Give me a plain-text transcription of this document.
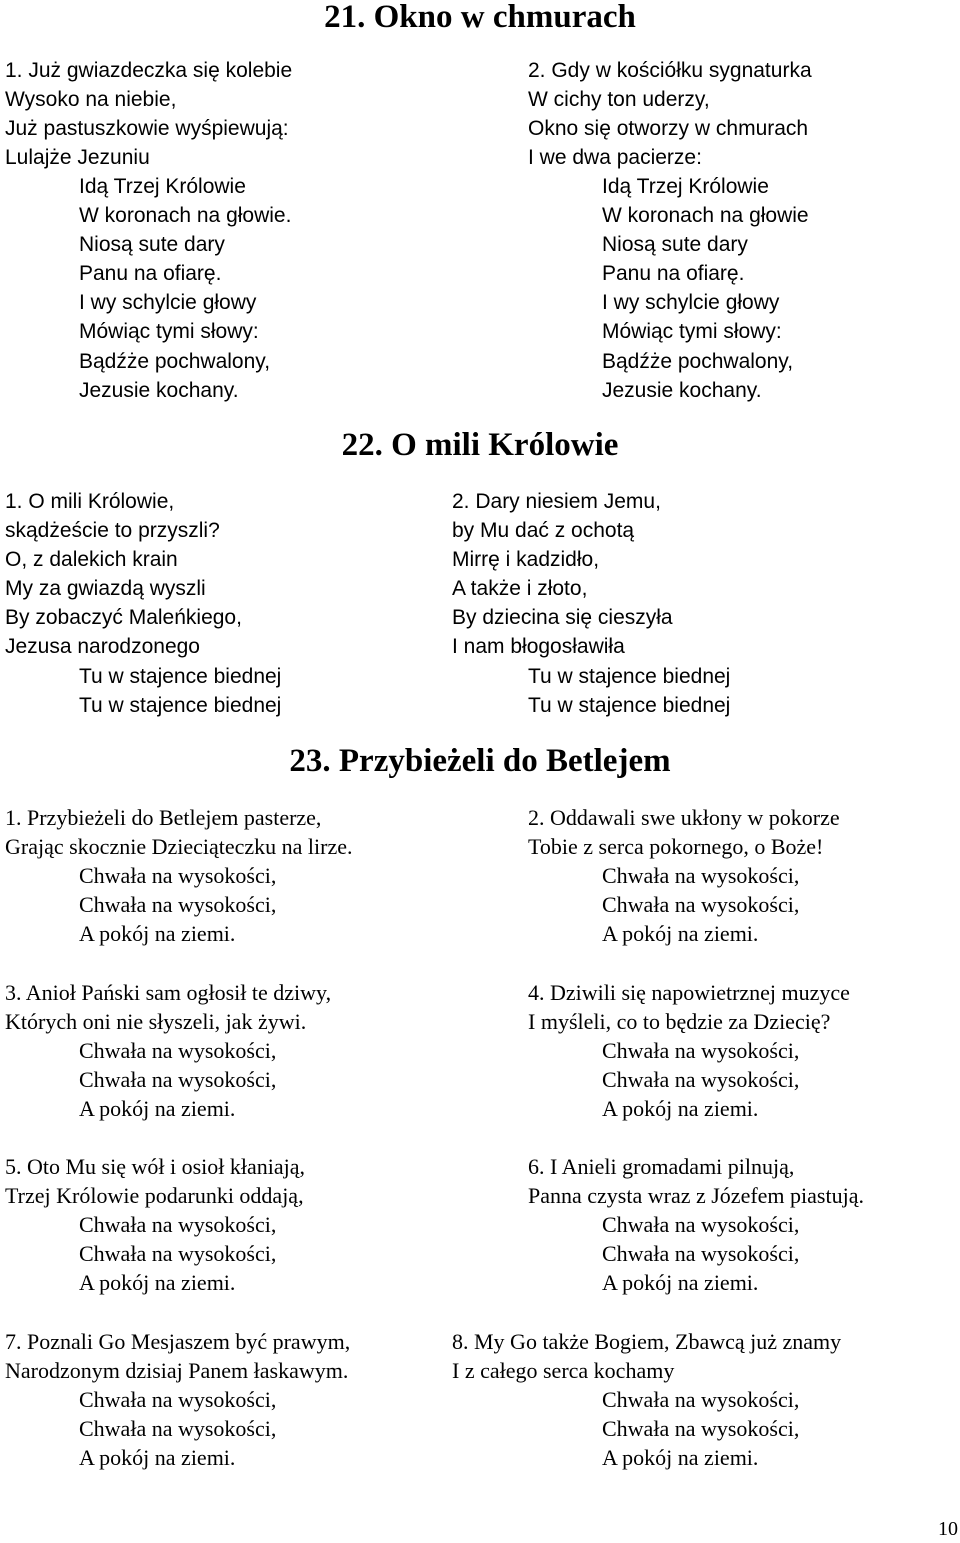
21. Okno w chmurach
1. Już gwiazdeczka się kolebie
Wysoko na niebie,
Już pastuszkowie wyśpiewują:
Lulajże Jezuniu
Idą Trzej Królowie
W koronach na głowie.
Niosą sute dary
Panu na ofiarę.
I wy schylcie głowy
Mówiąc tymi słowy:
Bądźże pochwalony,
Jezusie kochany.
2. Gdy w kościółku sygnaturka
W cichy ton uderzy,
Okno się otworzy w chmurach
I we dwa pacierze:
Idą Trzej Królowie
W koronach na głowie
Niosą sute dary
Panu na ofiarę.
I wy schylcie głowy
Mówiąc tymi słowy:
Bądźże pochwalony,
Jezusie kochany.
22. O mili Królowie
1. O mili Królowie,
skądżeście to przyszli?
O, z dalekich krain
My za gwiazdą wyszli
By zobaczyć Maleńkiego,
Jezusa narodzonego
Tu w stajence biednej
Tu w stajence biednej
2. Dary niesiem Jemu,
by Mu dać z ochotą
Mirrę i kadzidło,
A także i złoto,
By dziecina się cieszyła
I nam błogosławiła
Tu w stajence biednej
Tu w stajence biednej
23. Przybieżeli do Betlejem
1. Przybieżeli do Betlejem pasterze,
Grając skocznie Dzieciąteczku na lirze.
Chwała na wysokości,
Chwała na wysokości,
A pokój na ziemi.
2. Oddawali swe ukłony w pokorze
Tobie z serca pokornego, o Boże!
Chwała na wysokości,
Chwała na wysokości,
A pokój na ziemi.
3. Anioł Pański sam ogłosił te dziwy,
Których oni nie słyszeli, jak żywi.
Chwała na wysokości,
Chwała na wysokości,
A pokój na ziemi.
4. Dziwili się napowietrznej muzyce
I myśleli, co to będzie za Dziecię?
Chwała na wysokości,
Chwała na wysokości,
A pokój na ziemi.
5. Oto Mu się wół i osioł kłaniają,
Trzej Królowie podarunki oddają,
Chwała na wysokości,
Chwała na wysokości,
A pokój na ziemi.
6. I Anieli gromadami pilnują,
Panna czysta wraz z Józefem piastują.
Chwała na wysokości,
Chwała na wysokości,
A pokój na ziemi.
7. Poznali Go Mesjaszem być prawym,
Narodzonym dzisiaj Panem łaskawym.
Chwała na wysokości,
Chwała na wysokości,
A pokój na ziemi.
8. My Go także Bogiem, Zbawcą już znamy
I z całego serca kochamy
Chwała na wysokości,
Chwała na wysokości,
A pokój na ziemi.
10
